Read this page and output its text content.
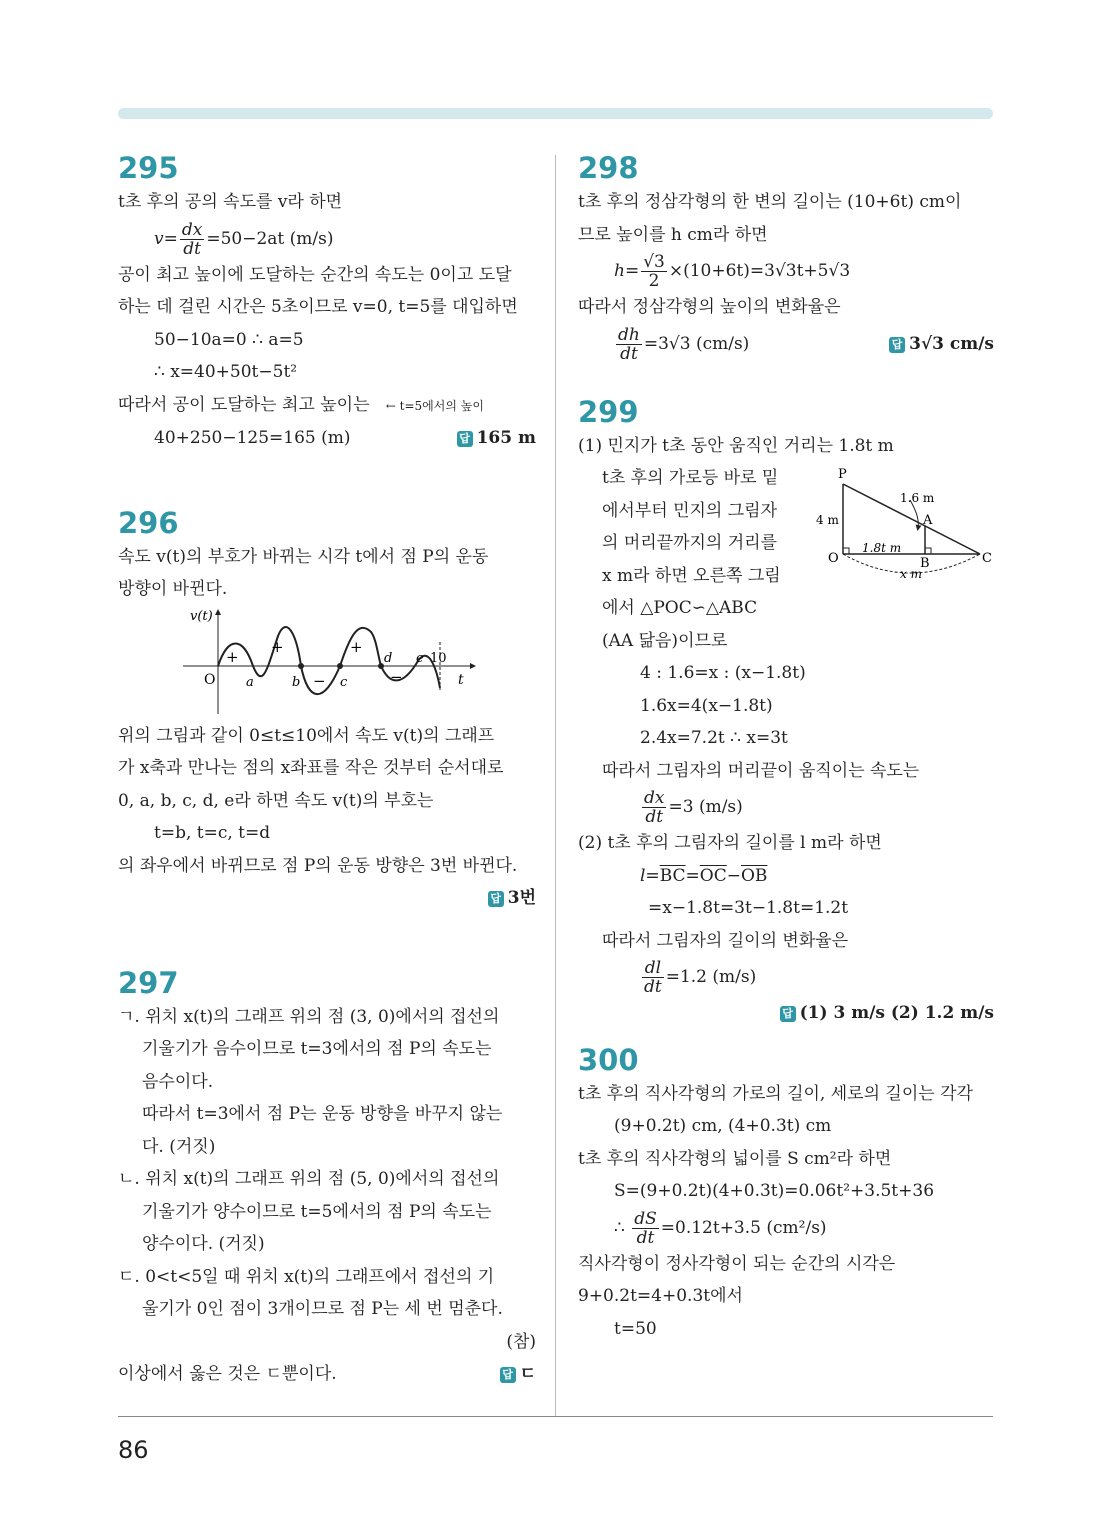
295

t초 후의 공의 속도를 v라 하면

$v= \frac{dx}{dt} =50-2at$ (m/s)

공이 최고 높이에 도달하는 순간의 속도는 0이고 도달

하는 데 걸린 시간은 5초이므로 v=0, t=5를 대입하면

50−10a=0 ∴ a=5

∴ x=40+50t−5t²

따라서 공이 도달하는 최고 높이는 ← t=5에서의 높이

40+250−125=165 (m)	답 165 m

296

속도 v(t)의 부호가 바뀌는 시각 t에서 점 P의 운동

방향이 바뀐다.

v(t)
t
O a	b	c
d e 10
+
+
−
+
−

위의 그림과 같이 0≤t≤10에서 속도 v(t)의 그래프

가 x축과 만나는 점의 x좌표를 작은 것부터 순서대로

0, a, b, c, d, e라 하면 속도 v(t)의 부호는

t=b, t=c, t=d

의 좌우에서 바뀌므로 점 P의 운동 방향은 3번 바뀐다.

답 3번

297

ㄱ. 위치 x(t)의 그래프 위의 점 (3, 0)에서의 접선의

기울기가 음수이므로 t=3에서의 점 P의 속도는

음수이다.

따라서 t=3에서 점 P는 운동 방향을 바꾸지 않는

다. (거짓)

ㄴ. 위치 x(t)의 그래프 위의 점 (5, 0)에서의 접선의

기울기가 양수이므로 t=5에서의 점 P의 속도는

양수이다. (거짓)

ㄷ. 0<t<5일 때 위치 x(t)의 그래프에서 접선의 기

울기가 0인 점이 3개이므로 점 P는 세 번 멈춘다.

(참)

이상에서 옳은 것은 ㄷ뿐이다.	답 ㄷ

298

t초 후의 정삼각형의 한 변의 길이는 (10+6t) cm이

므로 높이를 h cm라 하면

$h= \frac{√3}{2} \times(10+6t)=3√3t+5√3$

따라서 정삼각형의 높이의 변화율은

$\frac{dh}{dt} =3√3$ (cm/s)	답 3√3 cm/s

299

(1) 민지가 t초 동안 움직인 거리는 1.8t m

t초 후의 가로등 바로 밑

에서부터 민지의 그림자

의 머리끝까지의 거리를

x m라 하면 오른쪽 그림

에서 △POC∽△ABC

(AA 닮음)이므로

P
A
O	B	C
4 m
1.6 m
1.8t m
x m

4 : 1.6=x : (x−1.8t)

1.6x=4(x−1.8t)

2.4x=7.2t ∴ x=3t

따라서 그림자의 머리끝이 움직이는 속도는

$\frac{dx}{dt} =3$ (m/s)

(2) t초 후의 그림자의 길이를 l m라 하면

$l=\overline{BC}=\overline{OC}-\overline{OB}$

=x−1.8t=3t−1.8t=1.2t

따라서 그림자의 길이의 변화율은

$\frac{dl}{dt} =1.2$ (m/s)

답 (1) 3 m/s (2) 1.2 m/s

300

t초 후의 직사각형의 가로의 길이, 세로의 길이는 각각

(9+0.2t) cm, (4+0.3t) cm

t초 후의 직사각형의 넓이를 S cm²라 하면

S=(9+0.2t)(4+0.3t)=0.06t²+3.5t+36

∴ $\frac{dS}{dt} =0.12t+3.5$ (cm²/s)

직사각형이 정사각형이 되는 순간의 시각은

9+0.2t=4+0.3t에서

t=50

86
